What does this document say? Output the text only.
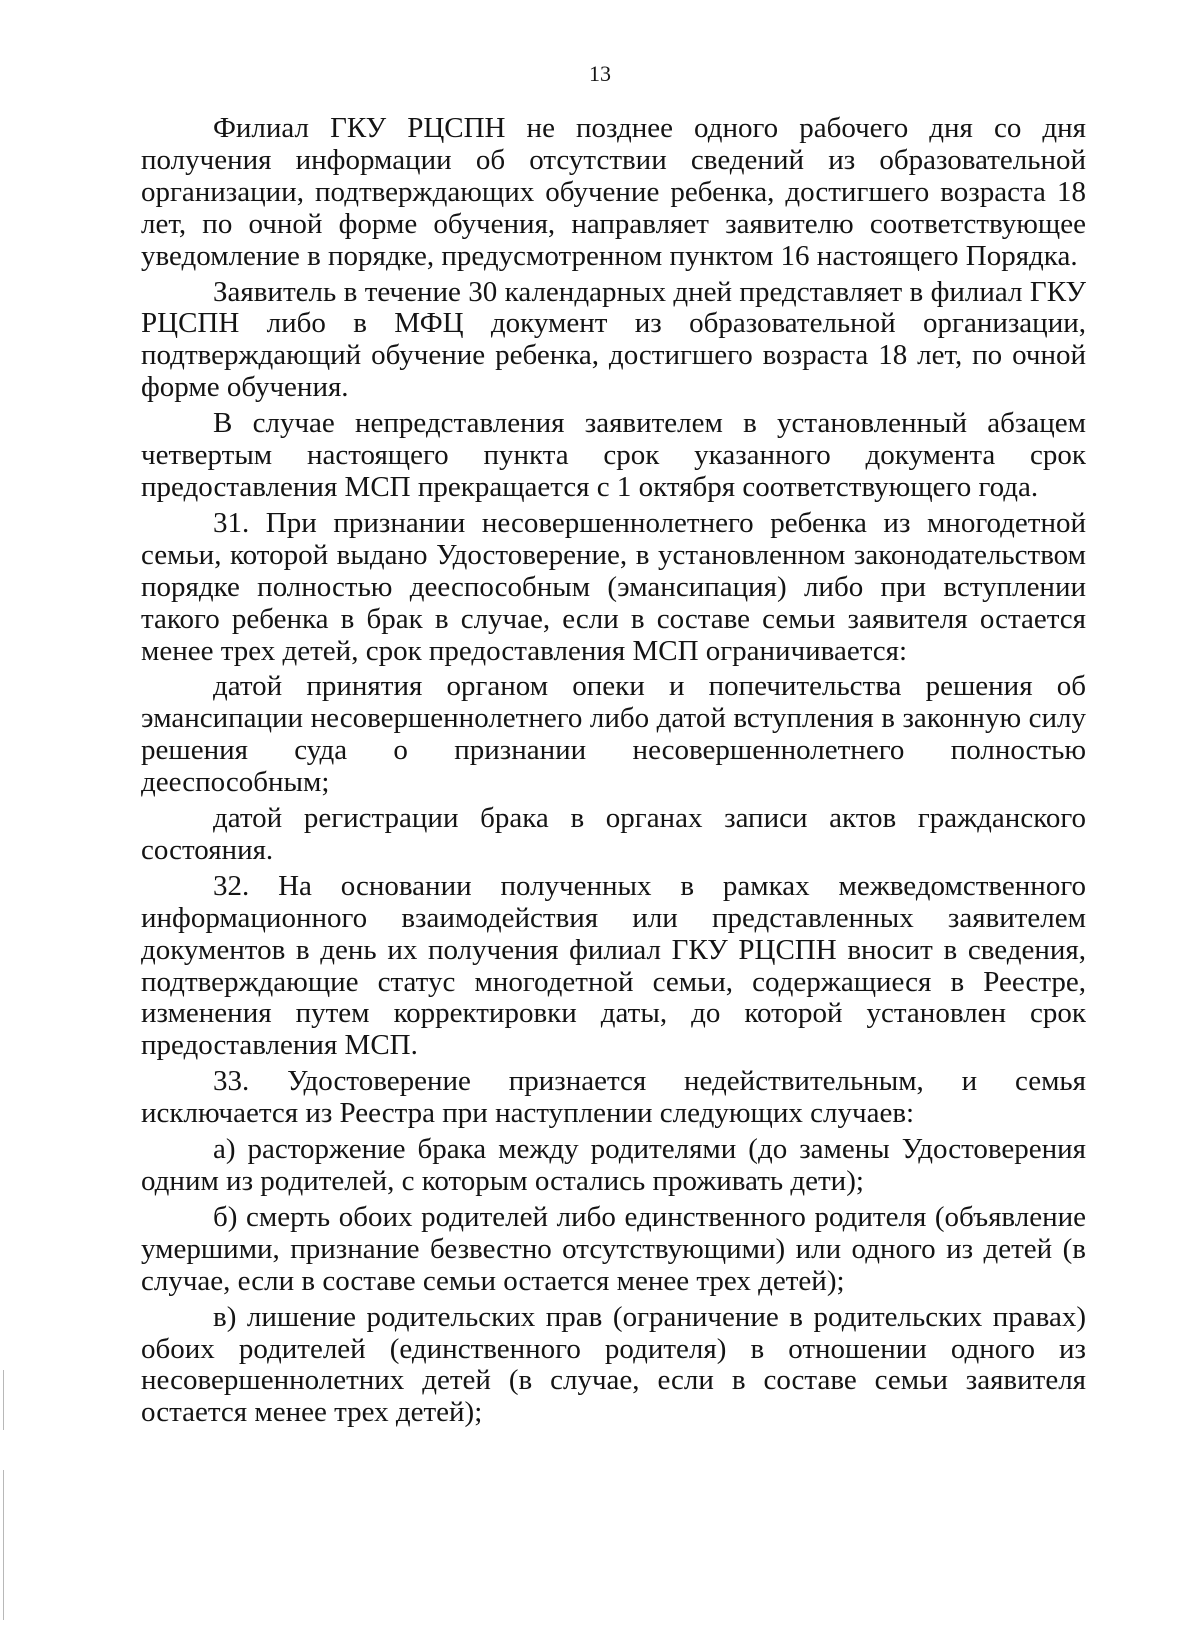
13

Филиал ГКУ РЦСПН не позднее одного рабочего дня со дня получения информации об отсутствии сведений из образовательной организации, подтверждающих обучение ребенка, достигшего возраста 18 лет, по очной форме обучения, направляет заявителю соответствующее уведомление в порядке, предусмотренном пунктом 16 настоящего Порядка.

Заявитель в течение 30 календарных дней представляет в филиал ГКУ РЦСПН либо в МФЦ документ из образовательной организации, подтверждающий обучение ребенка, достигшего возраста 18 лет, по очной форме обучения.

В случае непредставления заявителем в установленный абзацем четвертым настоящего пункта срок указанного документа срок предоставления МСП прекращается с 1 октября соответствующего года.

31. При признании несовершеннолетнего ребенка из многодетной семьи, которой выдано Удостоверение, в установленном законодательством порядке полностью дееспособным (эмансипация) либо при вступлении такого ребенка в брак в случае, если в составе семьи заявителя остается менее трех детей, срок предоставления МСП ограничивается:

датой принятия органом опеки и попечительства решения об эмансипации несовершеннолетнего либо датой вступления в законную силу решения суда о признании несовершеннолетнего полностью дееспособным;

датой регистрации брака в органах записи актов гражданского состояния.

32. На основании полученных в рамках межведомственного информационного взаимодействия или представленных заявителем документов в день их получения филиал ГКУ РЦСПН вносит в сведения, подтверждающие статус многодетной семьи, содержащиеся в Реестре, изменения путем корректировки даты, до которой установлен срок предоставления МСП.

33. Удостоверение признается недействительным, и семья исключается из Реестра при наступлении следующих случаев:

а) расторжение брака между родителями (до замены Удостоверения одним из родителей, с которым остались проживать дети);

б) смерть обоих родителей либо единственного родителя (объявление умершими, признание безвестно отсутствующими) или одного из детей (в случае, если в составе семьи остается менее трех детей);

в) лишение родительских прав (ограничение в родительских правах) обоих родителей (единственного родителя) в отношении одного из несовершеннолетних детей (в случае, если в составе семьи заявителя остается менее трех детей);
